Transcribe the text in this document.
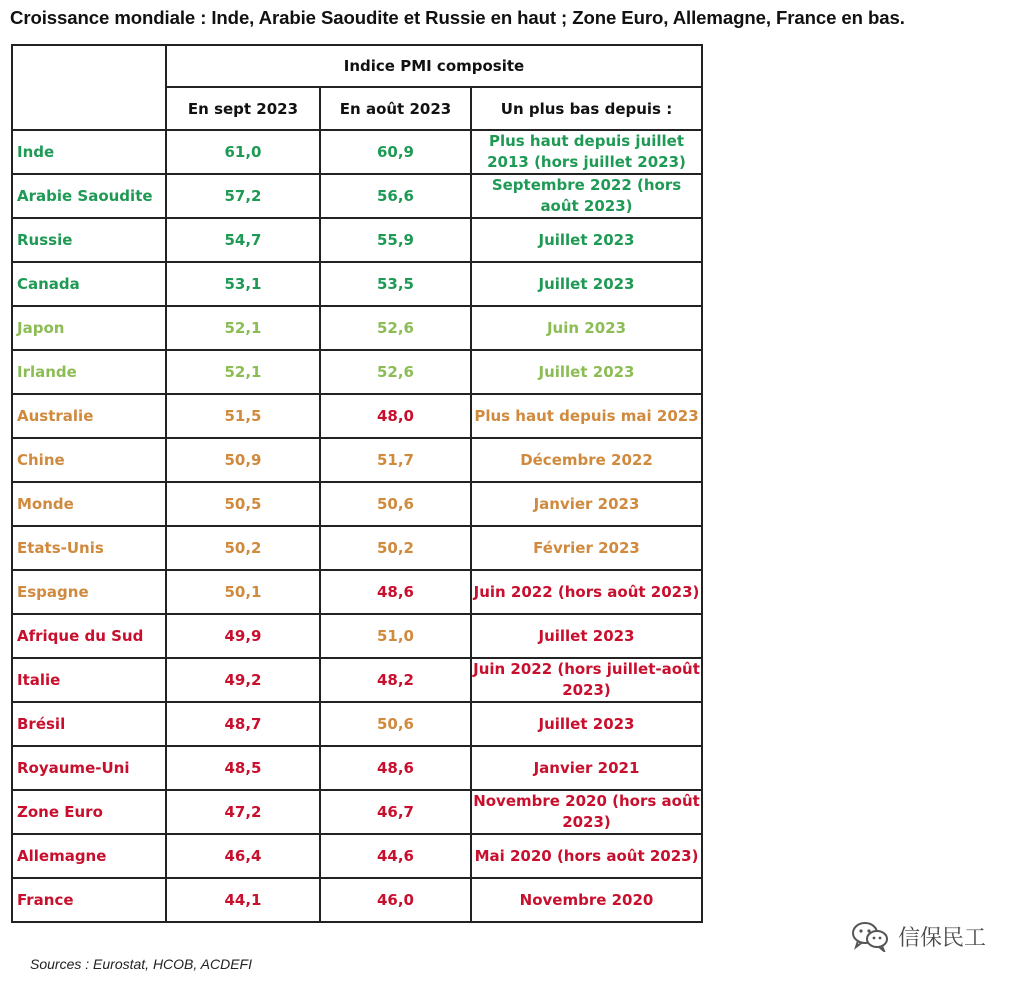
Croissance mondiale : Inde, Arabie Saoudite et Russie en haut ; Zone Euro, Allemagne, France en bas.
	Indice PMI composite		
	En sept 2023	En août 2023	Un plus bas depuis :
Inde	61,0	60,9	Plus haut depuis juillet 2013 (hors juillet 2023)
Arabie Saoudite	57,2	56,6	Septembre 2022 (hors août 2023)
Russie	54,7	55,9	Juillet 2023
Canada	53,1	53,5	Juillet 2023
Japon	52,1	52,6	Juin 2023
Irlande	52,1	52,6	Juillet 2023
Australie	51,5	48,0	Plus haut depuis mai 2023
Chine	50,9	51,7	Décembre 2022
Monde	50,5	50,6	Janvier 2023
Etats-Unis	50,2	50,2	Février 2023
Espagne	50,1	48,6	Juin 2022 (hors août 2023)
Afrique du Sud	49,9	51,0	Juillet 2023
Italie	49,2	48,2	Juin 2022 (hors juillet-août 2023)
Brésil	48,7	50,6	Juillet 2023
Royaume-Uni	48,5	48,6	Janvier 2021
Zone Euro	47,2	46,7	Novembre 2020 (hors août 2023)
Allemagne	46,4	44,6	Mai 2020 (hors août 2023)
France	44,1	46,0	Novembre 2020
Sources : Eurostat, HCOB, ACDEFI
信保民工
